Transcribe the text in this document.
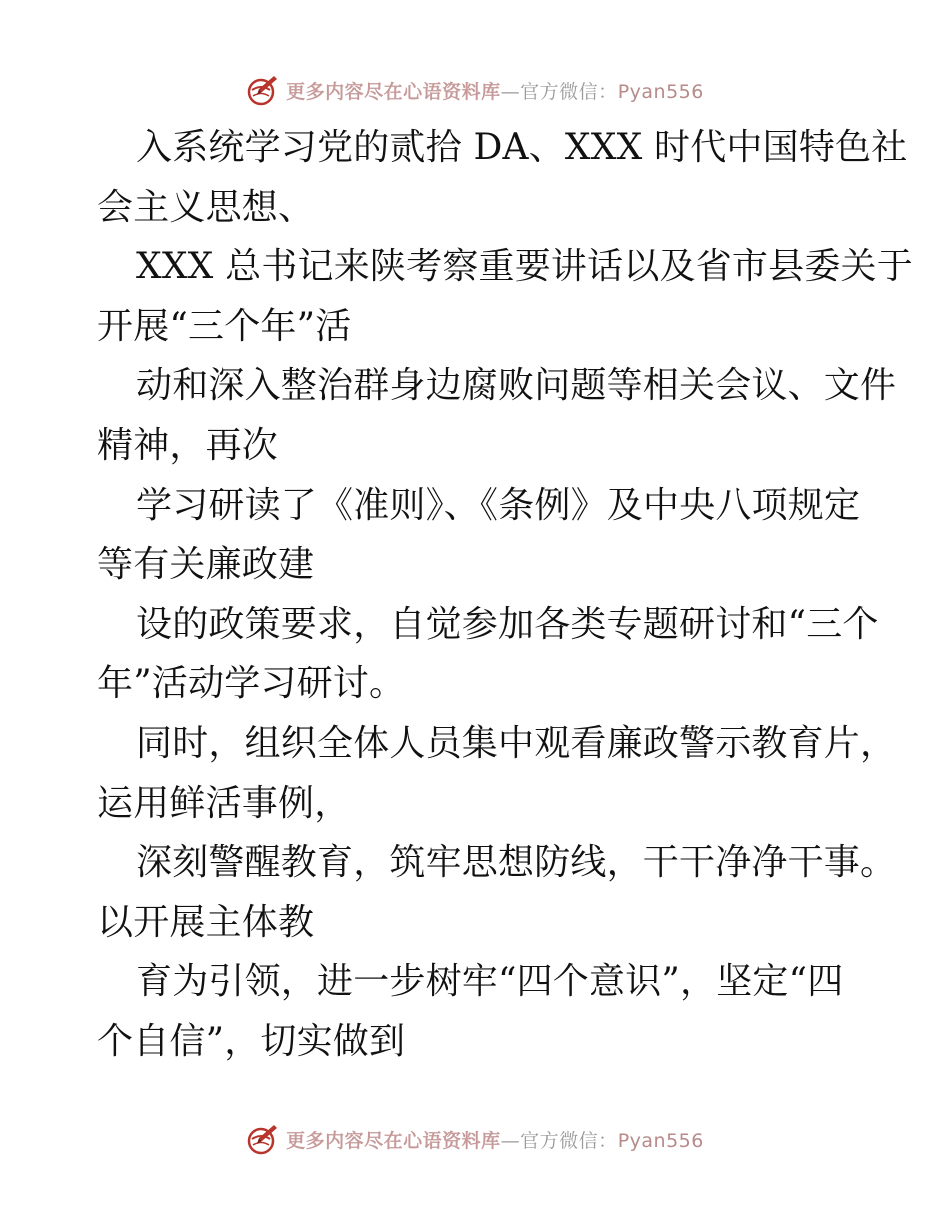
更多内容尽在心语资料库—官方微信：Pyan556
入系统学习党的贰拾 DA、XXX 时代中国特色社
会主义思想、
XXX 总书记来陕考察重要讲话以及省市县委关于
开展“三个年”活
动和深入整治群身边腐败问题等相关会议、文件
精神，再次
学习研读了《准则》、《条例》及中央八项规定
等有关廉政建
设的政策要求，自觉参加各类专题研讨和“三个
年”活动学习研讨。
同时，组织全体人员集中观看廉政警示教育片，
运用鲜活事例，
深刻警醒教育，筑牢思想防线，干干净净干事。
以开展主体教
育为引领，进一步树牢“四个意识”，坚定“四
个自信”，切实做到
更多内容尽在心语资料库—官方微信：Pyan556
